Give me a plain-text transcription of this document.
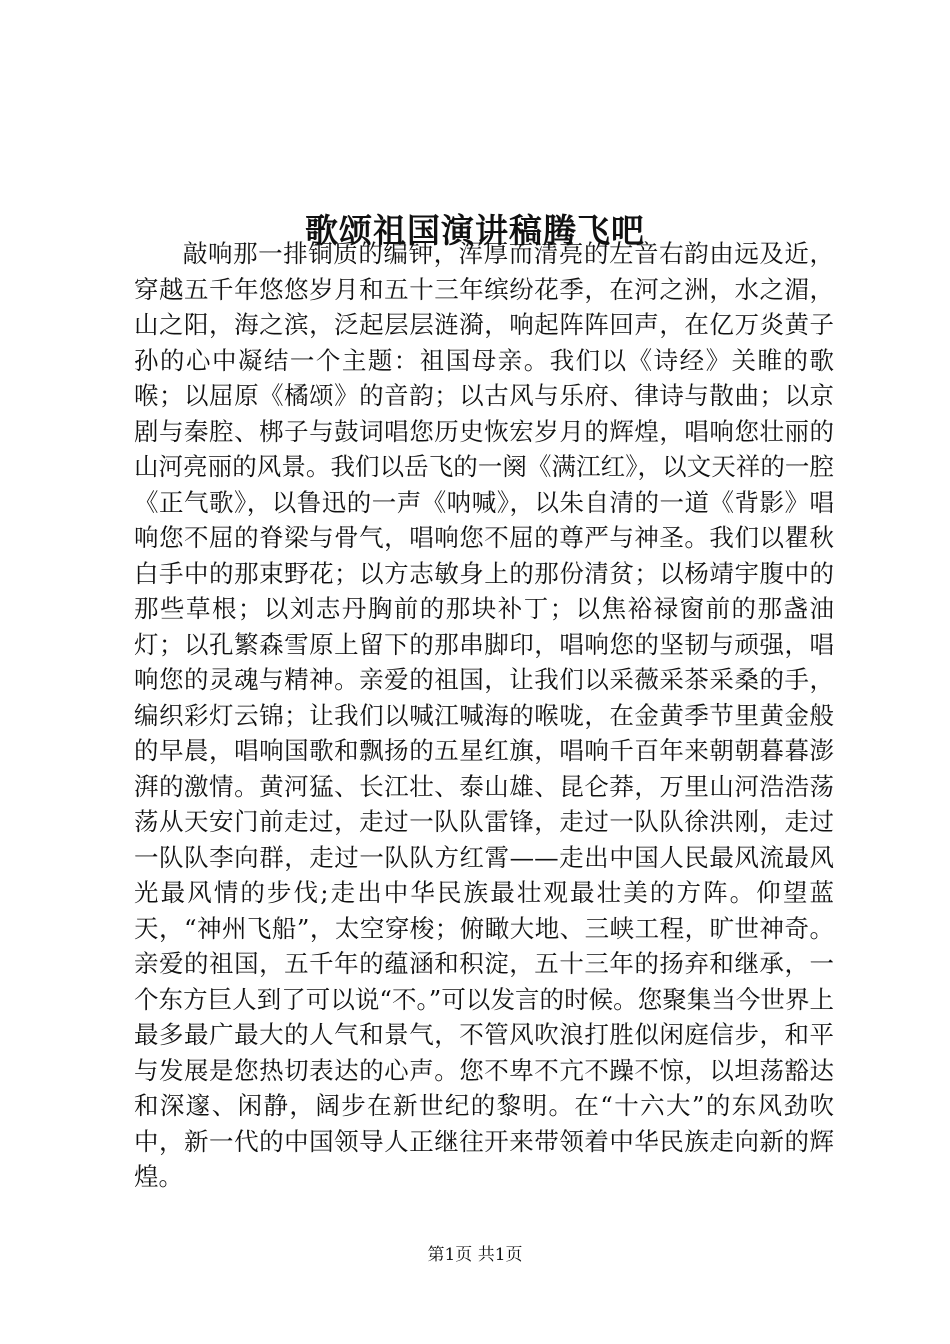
歌颂祖国演讲稿腾飞吧

敲响那一排铜质的编钟，浑厚而清亮的左音右韵由远及近，穿越五千年悠悠岁月和五十三年缤纷花季，在河之洲，水之湄，山之阳，海之滨，泛起层层涟漪，响起阵阵回声，在亿万炎黄子孙的心中凝结一个主题：祖国母亲。我们以《诗经》关睢的歌喉；以屈原《橘颂》的音韵；以古风与乐府、律诗与散曲；以京剧与秦腔、梆子与鼓词唱您历史恢宏岁月的辉煌，唱响您壮丽的山河亮丽的风景。我们以岳飞的一阕《满江红》，以文天祥的一腔《正气歌》，以鲁迅的一声《呐喊》，以朱自清的一道《背影》唱响您不屈的脊梁与骨气，唱响您不屈的尊严与神圣。我们以瞿秋白手中的那束野花；以方志敏身上的那份清贫；以杨靖宇腹中的那些草根；以刘志丹胸前的那块补丁；以焦裕禄窗前的那盏油灯；以孔繁森雪原上留下的那串脚印，唱响您的坚韧与顽强，唱响您的灵魂与精神。亲爱的祖国，让我们以采薇采茶采桑的手，编织彩灯云锦；让我们以喊江喊海的喉咙，在金黄季节里黄金般的早晨，唱响国歌和飘扬的五星红旗，唱响千百年来朝朝暮暮澎湃的激情。黄河猛、长江壮、泰山雄、昆仑莽，万里山河浩浩荡荡从天安门前走过，走过一队队雷锋，走过一队队徐洪刚，走过一队队李向群，走过一队队方红霄——走出中国人民最风流最风光最风情的步伐;走出中华民族最壮观最壮美的方阵。仰望蓝天，“神州飞船”，太空穿梭；俯瞰大地、三峡工程，旷世神奇。亲爱的祖国，五千年的蕴涵和积淀，五十三年的扬弃和继承，一个东方巨人到了可以说“不。”可以发言的时候。您聚集当今世界上最多最广最大的人气和景气，不管风吹浪打胜似闲庭信步，和平与发展是您热切表达的心声。您不卑不亢不躁不惊，以坦荡豁达和深邃、闲静，阔步在新世纪的黎明。在“十六大”的东风劲吹中，新一代的中国领导人正继往开来带领着中华民族走向新的辉煌。

第1页 共1页
